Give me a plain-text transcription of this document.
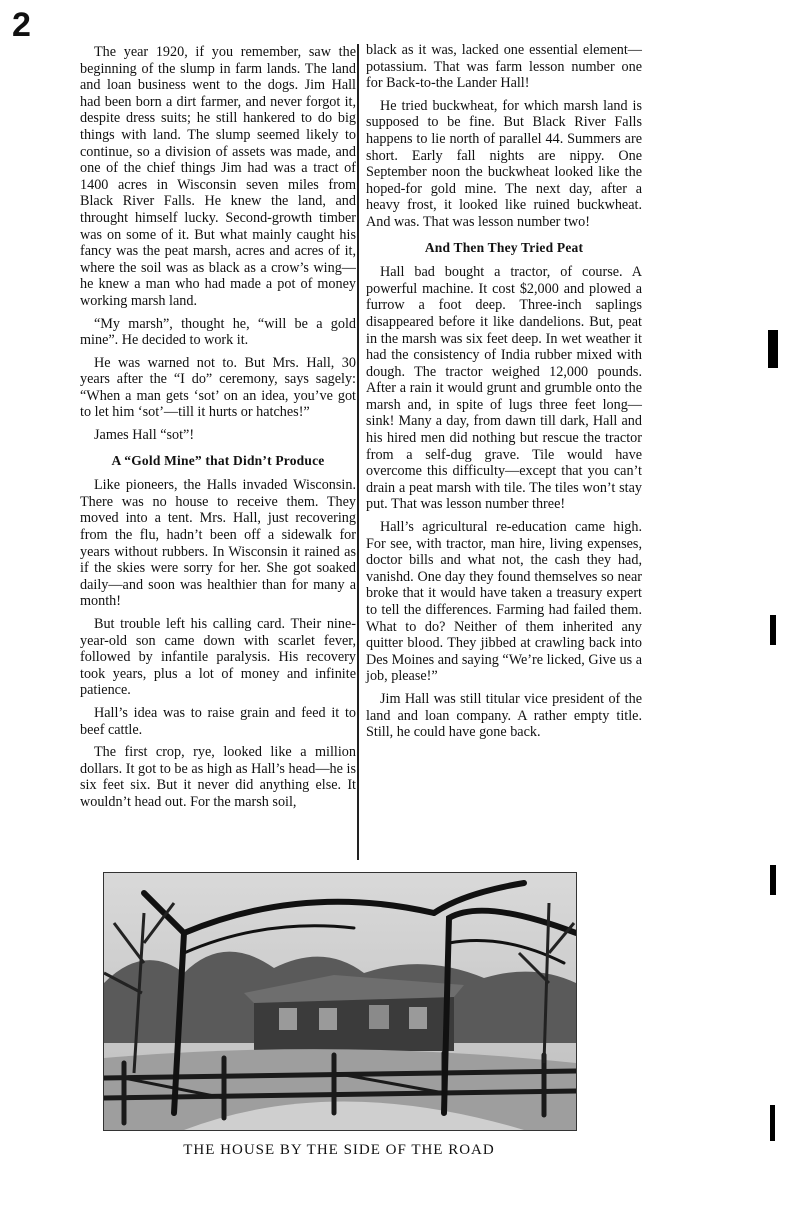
2

The year 1920, if you remember, saw the beginning of the slump in farm lands. The land and loan business went to the dogs. Jim Hall had been born a dirt farmer, and never forgot it, despite dress suits; he still hankered to do big things with land. The slump seemed likely to continue, so a division of assets was made, and one of the chief things Jim had was a tract of 1400 acres in Wisconsin seven miles from Black River Falls. He knew the land, and throught himself lucky. Second-growth timber was on some of it. But what mainly caught his fancy was the peat marsh, acres and acres of it, where the soil was as black as a crow’s wing—he knew a man who had made a pot of money working marsh land.

“My marsh”, thought he, “will be a gold mine”. He decided to work it.

He was warned not to. But Mrs. Hall, 30 years after the “I do” ceremony, says sagely: “When a man gets ‘sot’ on an idea, you’ve got to let him ‘sot’—till it hurts or hatches!”

James Hall “sot”!

A “Gold Mine” that Didn’t Produce

Like pioneers, the Halls invaded Wisconsin. There was no house to receive them. They moved into a tent. Mrs. Hall, just recovering from the flu, hadn’t been off a sidewalk for years without rubbers. In Wisconsin it rained as if the skies were sorry for her. She got soaked daily—and soon was healthier than for many a month!

But trouble left his calling card. Their nine-year-old son came down with scarlet fever, followed by infantile paralysis. His recovery took years, plus a lot of money and infinite patience.

Hall’s idea was to raise grain and feed it to beef cattle.

The first crop, rye, looked like a million dollars. It got to be as high as Hall’s head—he is six feet six. But it never did anything else. It wouldn’t head out. For the marsh soil,

black as it was, lacked one essential element—potassium. That was farm lesson number one for Back-to-the Lander Hall!

He tried buckwheat, for which marsh land is supposed to be fine. But Black River Falls happens to lie north of parallel 44. Summers are short. Early fall nights are nippy. One September noon the buckwheat looked like the hoped-for gold mine. The next day, after a heavy frost, it looked like ruined buckwheat. And was. That was lesson number two!

And Then They Tried Peat

Hall bad bought a tractor, of course. A powerful machine. It cost $2,000 and plowed a furrow a foot deep. Three-inch saplings disappeared before it like dandelions. But, peat in the marsh was six feet deep. In wet weather it had the consistency of India rubber mixed with dough. The tractor weighed 12,000 pounds. After a rain it would grunt and grumble onto the marsh and, in spite of lugs three feet long—sink! Many a day, from dawn till dark, Hall and his hired men did nothing but rescue the tractor from a self-dug grave. Tile would have overcome this difficulty—except that you can’t drain a peat marsh with tile. The tiles won’t stay put. That was lesson number three!

Hall’s agricultural re-education came high. For see, with tractor, man hire, living expenses, doctor bills and what not, the cash they had, vanishd. One day they found themselves so near broke that it would have taken a treasury expert to tell the differences. Farming had failed them. What to do? Neither of them inherited any quitter blood. They jibbed at crawling back into Des Moines and saying “We’re licked, Give us a job, please!”

Jim Hall was still titular vice president of the land and loan company. A rather empty title. Still, he could have gone back.

THE HOUSE BY THE SIDE OF THE ROAD
